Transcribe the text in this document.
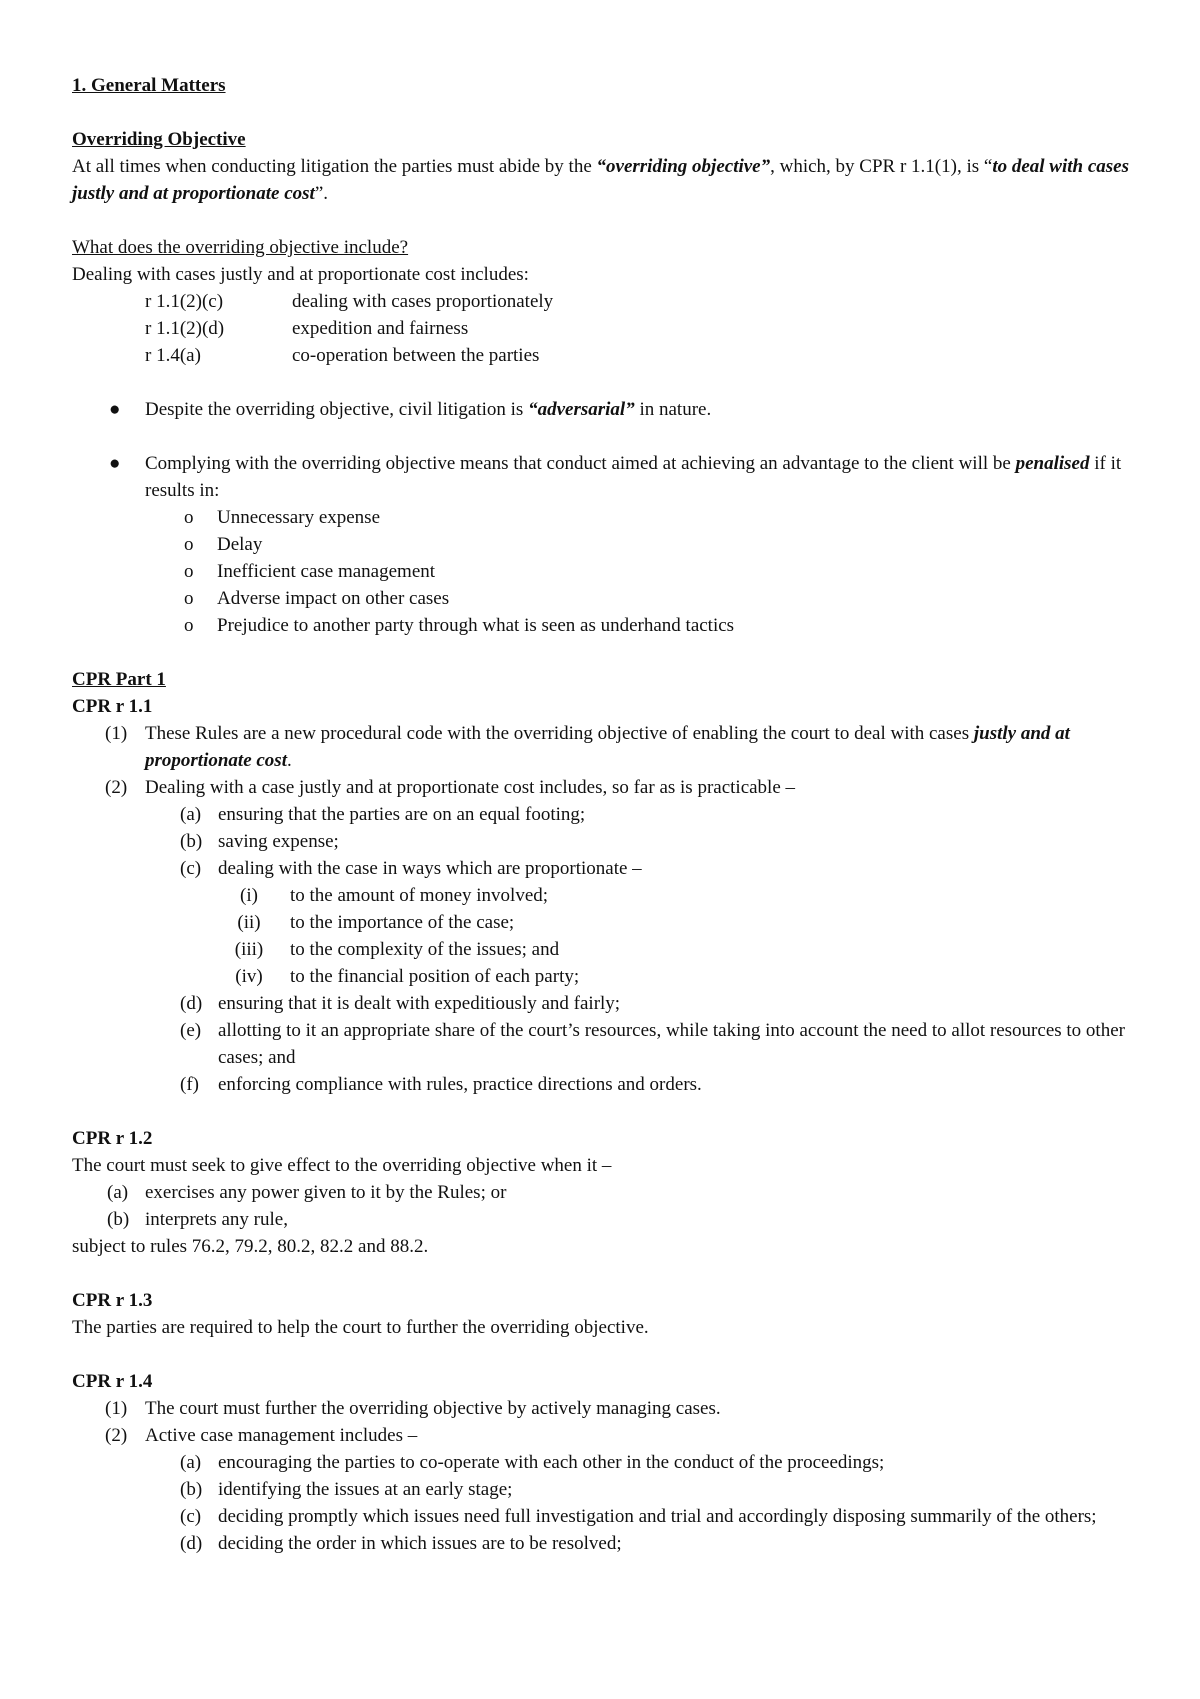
1. General Matters

Overriding Objective

At all times when conducting litigation the parties must abide by the “overriding objective”, which, by CPR r 1.1(1), is “to deal with cases justly and at proportionate cost”.

What does the overriding objective include?

Dealing with cases justly and at proportionate cost includes:

r 1.1(2)(c)	dealing with cases proportionately
r 1.1(2)(d)	expedition and fairness
r 1.4(a)	co-operation between the parties
● Despite the overriding objective, civil litigation is “adversarial” in nature.
● Complying with the overriding objective means that conduct aimed at achieving an advantage to the client will be penalised if it results in:
o Unnecessary expense
o Delay
o Inefficient case management
o Adverse impact on other cases
o Prejudice to another party through what is seen as underhand tactics

CPR Part 1

CPR r 1.1

(1) These Rules are a new procedural code with the overriding objective of enabling the court to deal with cases justly and at proportionate cost.
(2) Dealing with a case justly and at proportionate cost includes, so far as is practicable –
(a) ensuring that the parties are on an equal footing;
(b) saving expense;
(c) dealing with the case in ways which are proportionate –
(i)	to the amount of money involved;
(ii)	to the importance of the case;
(iii)	to the complexity of the issues; and
(iv)	to the financial position of each party;
(d) ensuring that it is dealt with expeditiously and fairly;
(e) allotting to it an appropriate share of the court’s resources, while taking into account the need to allot resources to other cases; and
(f) enforcing compliance with rules, practice directions and orders.

CPR r 1.2

The court must seek to give effect to the overriding objective when it –

(a) exercises any power given to it by the Rules; or
(b) interprets any rule,

subject to rules 76.2, 79.2, 80.2, 82.2 and 88.2.

CPR r 1.3

The parties are required to help the court to further the overriding objective.

CPR r 1.4

(1) The court must further the overriding objective by actively managing cases.
(2) Active case management includes –
(a) encouraging the parties to co-operate with each other in the conduct of the proceedings;
(b) identifying the issues at an early stage;
(c) deciding promptly which issues need full investigation and trial and accordingly disposing summarily of the others;
(d) deciding the order in which issues are to be resolved;
